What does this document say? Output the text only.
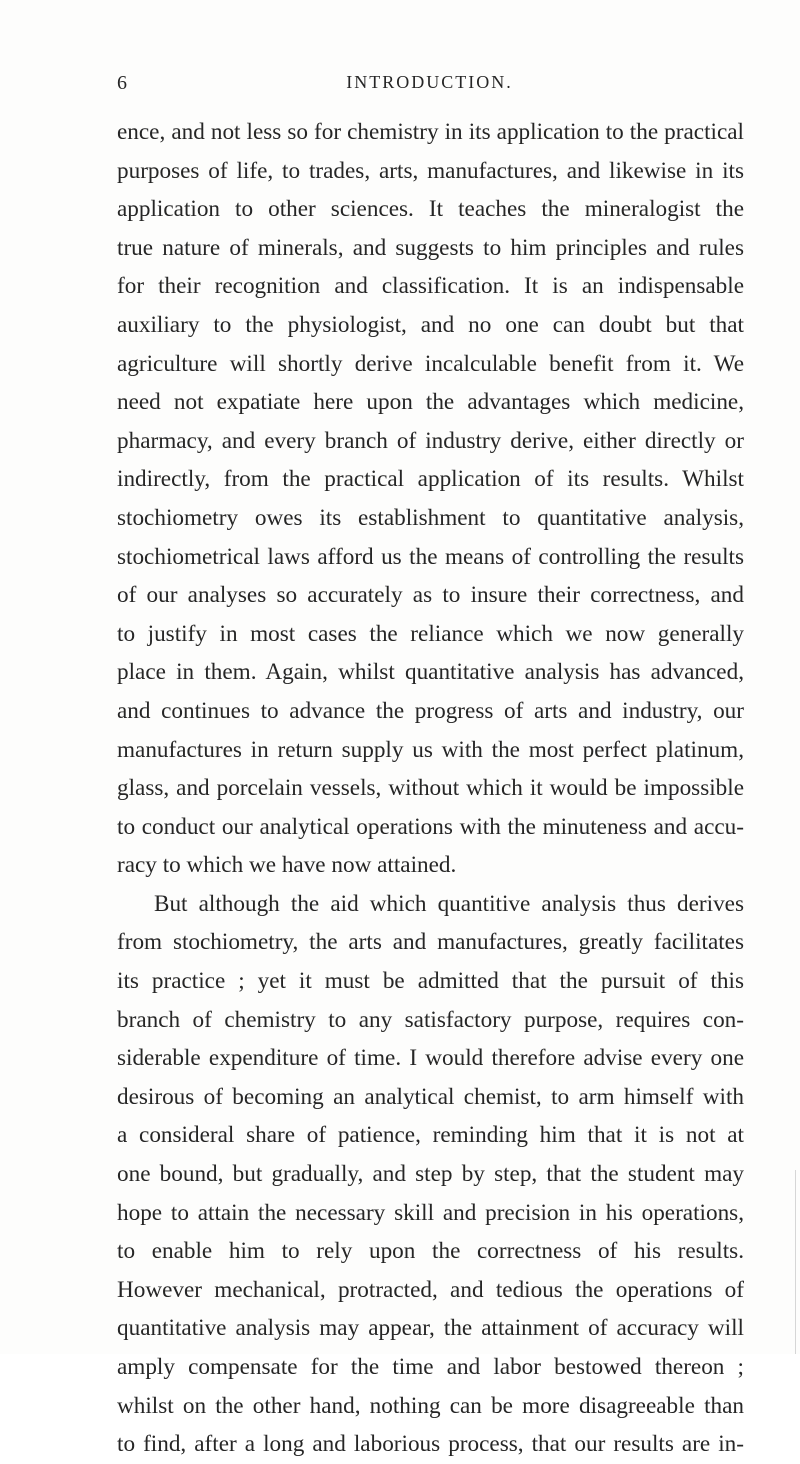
6	INTRODUCTION.
ence, and not less so for chemistry in its application to the practical
purposes of life, to trades, arts, manufactures, and likewise in its
application to other sciences. It teaches the mineralogist the
true nature of minerals, and suggests to him principles and rules
for their recognition and classification. It is an indispensable
auxiliary to the physiologist, and no one can doubt but that
agriculture will shortly derive incalculable benefit from it. We
need not expatiate here upon the advantages which medicine,
pharmacy, and every branch of industry derive, either directly or
indirectly, from the practical application of its results. Whilst
stochiometry owes its establishment to quantitative analysis,
stochiometrical laws afford us the means of controlling the results
of our analyses so accurately as to insure their correctness, and
to justify in most cases the reliance which we now generally
place in them. Again, whilst quantitative analysis has advanced,
and continues to advance the progress of arts and industry, our
manufactures in return supply us with the most perfect platinum,
glass, and porcelain vessels, without which it would be impossible
to conduct our analytical operations with the minuteness and accu-
racy to which we have now attained.
But although the aid which quantitive analysis thus derives
from stochiometry, the arts and manufactures, greatly facilitates
its practice ; yet it must be admitted that the pursuit of this
branch of chemistry to any satisfactory purpose, requires con-
siderable expenditure of time. I would therefore advise every one
desirous of becoming an analytical chemist, to arm himself with
a consideral share of patience, reminding him that it is not at
one bound, but gradually, and step by step, that the student may
hope to attain the necessary skill and precision in his operations,
to enable him to rely upon the correctness of his results.
However mechanical, protracted, and tedious the operations of
quantitative analysis may appear, the attainment of accuracy will
amply compensate for the time and labor bestowed thereon ;
whilst on the other hand, nothing can be more disagreeable than
to find, after a long and laborious process, that our results are in-
